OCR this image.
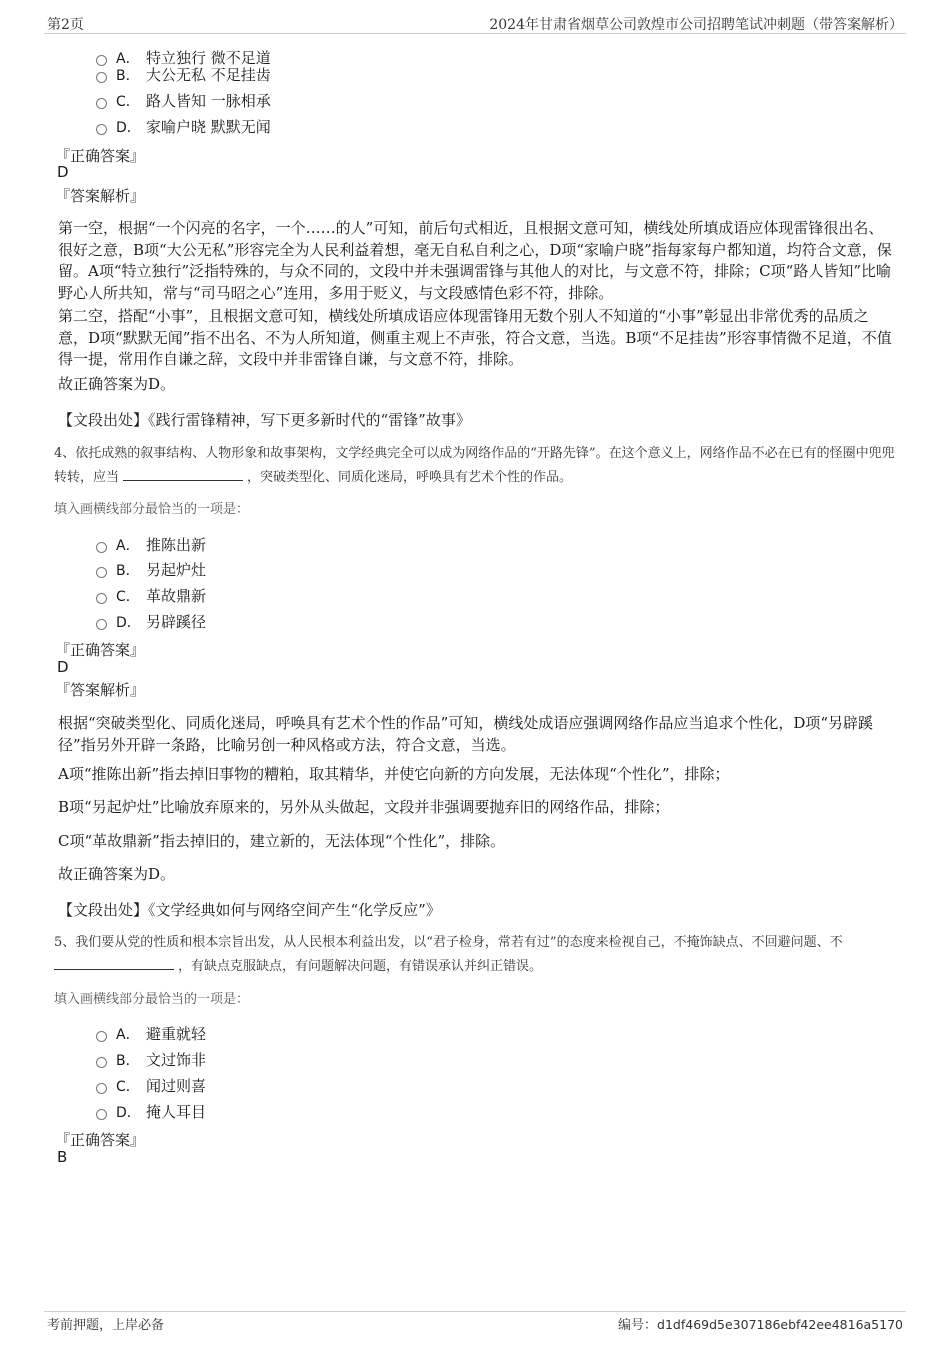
第2页	2024年甘肃省烟草公司敦煌市公司招聘笔试冲刺题（带答案解析）
A． 特立独行 微不足道
B． 大公无私 不足挂齿
C． 路人皆知 一脉相承
D． 家喻户晓 默默无闻
『正确答案』
D
『答案解析』
第一空，根据“一个闪亮的名字，一个……的人”可知，前后句式相近，且根据文意可知，横线处所填成语应体现雷锋很出名、很好之意，B项“大公无私”形容完全为人民利益着想，毫无自私自利之心，D项“家喻户晓”指每家每户都知道，均符合文意，保留。A项“特立独行”泛指特殊的，与众不同的，文段中并未强调雷锋与其他人的对比，与文意不符，排除；C项“路人皆知”比喻野心人所共知，常与“司马昭之心”连用，多用于贬义，与文段感情色彩不符，排除。
第二空，搭配“小事”，且根据文意可知，横线处所填成语应体现雷锋用无数个别人不知道的“小事”彰显出非常优秀的品质之意，D项“默默无闻”指不出名、不为人所知道，侧重主观上不声张，符合文意，当选。B项“不足挂齿”形容事情微不足道，不值得一提，常用作自谦之辞，文段中并非雷锋自谦，与文意不符，排除。
故正确答案为D。
【文段出处】《践行雷锋精神，写下更多新时代的“雷锋”故事》
4、依托成熟的叙事结构、人物形象和故事架构，文学经典完全可以成为网络作品的“开路先锋”。在这个意义上，网络作品不必在已有的怪圈中兜兜转转，应当	，突破类型化、同质化迷局，呼唤具有艺术个性的作品。
填入画横线部分最恰当的一项是：
A． 推陈出新
B． 另起炉灶
C． 革故鼎新
D． 另辟蹊径
『正确答案』
D
『答案解析』
根据“突破类型化、同质化迷局，呼唤具有艺术个性的作品”可知，横线处成语应强调网络作品应当追求个性化，D项“另辟蹊径”指另外开辟一条路，比喻另创一种风格或方法，符合文意，当选。
A项“推陈出新”指去掉旧事物的糟粕，取其精华，并使它向新的方向发展，无法体现“个性化”，排除；
B项“另起炉灶”比喻放弃原来的，另外从头做起，文段并非强调要抛弃旧的网络作品，排除；
C项“革故鼎新”指去掉旧的，建立新的，无法体现“个性化”，排除。
故正确答案为D。
【文段出处】《文学经典如何与网络空间产生“化学反应”》
5、我们要从党的性质和根本宗旨出发，从人民根本利益出发，以“君子检身，常若有过”的态度来检视自己，不掩饰缺点、不回避问题、不，有缺点克服缺点，有问题解决问题，有错误承认并纠正错误。
填入画横线部分最恰当的一项是：
A． 避重就轻
B． 文过饰非
C． 闻过则喜
D． 掩人耳目
『正确答案』
B
考前押题，上岸必备	编号：d1df469d5e307186ebf42ee4816a5170
